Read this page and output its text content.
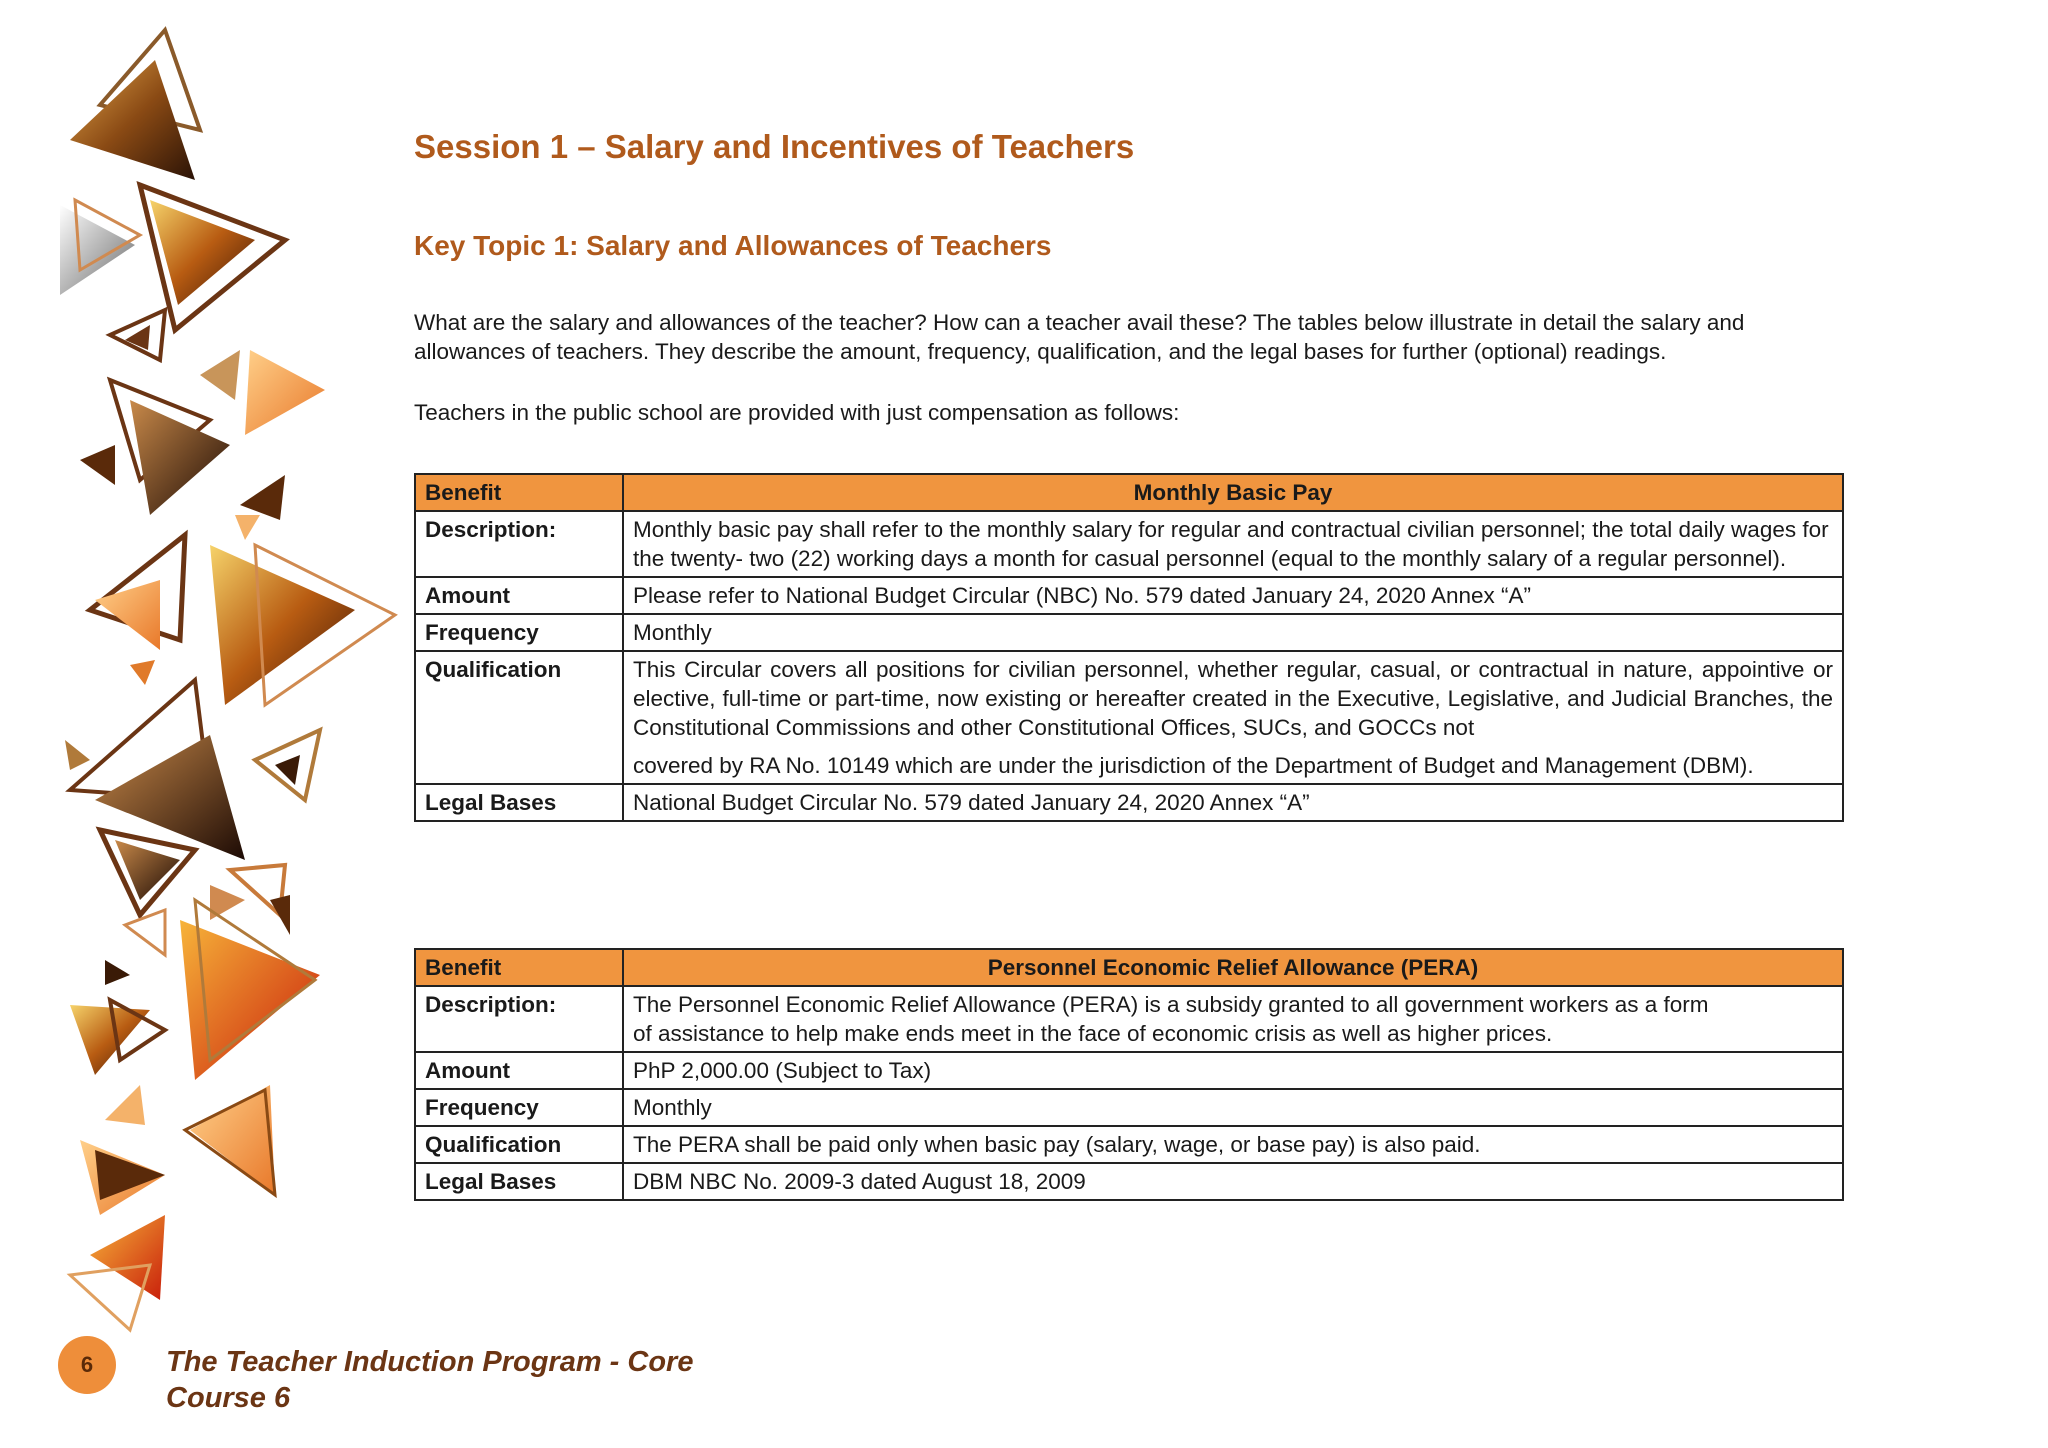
Session 1 – Salary and Incentives of Teachers
Key Topic 1: Salary and Allowances of Teachers

What are the salary and allowances of the teacher? How can a teacher avail these? The tables below illustrate in detail the salary and allowances of teachers. They describe the amount, frequency, qualification, and the legal bases for further (optional) readings.

Teachers in the public school are provided with just compensation as follows:

Benefit	Monthly Basic Pay
Description:	Monthly basic pay shall refer to the monthly salary for regular and contractual civilian personnel; the total daily wages for the twenty- two (22) working days a month for casual personnel (equal to the monthly salary of a regular personnel).
Amount	Please refer to National Budget Circular (NBC) No. 579 dated January 24, 2020 Annex “A”
Frequency	Monthly
Qualification	This Circular covers all positions for civilian personnel, whether regular, casual, or contractual in nature, appointive or elective, full-time or part-time, now existing or hereafter created in the Executive, Legislative, and Judicial Branches, the Constitutional Commissions and other Constitutional Offices, SUCs, and GOCCs not
covered by RA No. 10149 which are under the jurisdiction of the Department of Budget and Management (DBM).

Legal Bases	National Budget Circular No. 579 dated January 24, 2020 Annex “A”
Benefit	Personnel Economic Relief Allowance (PERA)
Description:	The Personnel Economic Relief Allowance (PERA) is a subsidy granted to all government workers as a form of assistance to help make ends meet in the face of economic crisis as well as higher prices.
Amount	PhP 2,000.00 (Subject to Tax)
Frequency	Monthly
Qualification	The PERA shall be paid only when basic pay (salary, wage, or base pay) is also paid.
Legal Bases	DBM NBC No. 2009-3 dated August 18, 2009
6	The Teacher Induction Program - Core
Course 6
